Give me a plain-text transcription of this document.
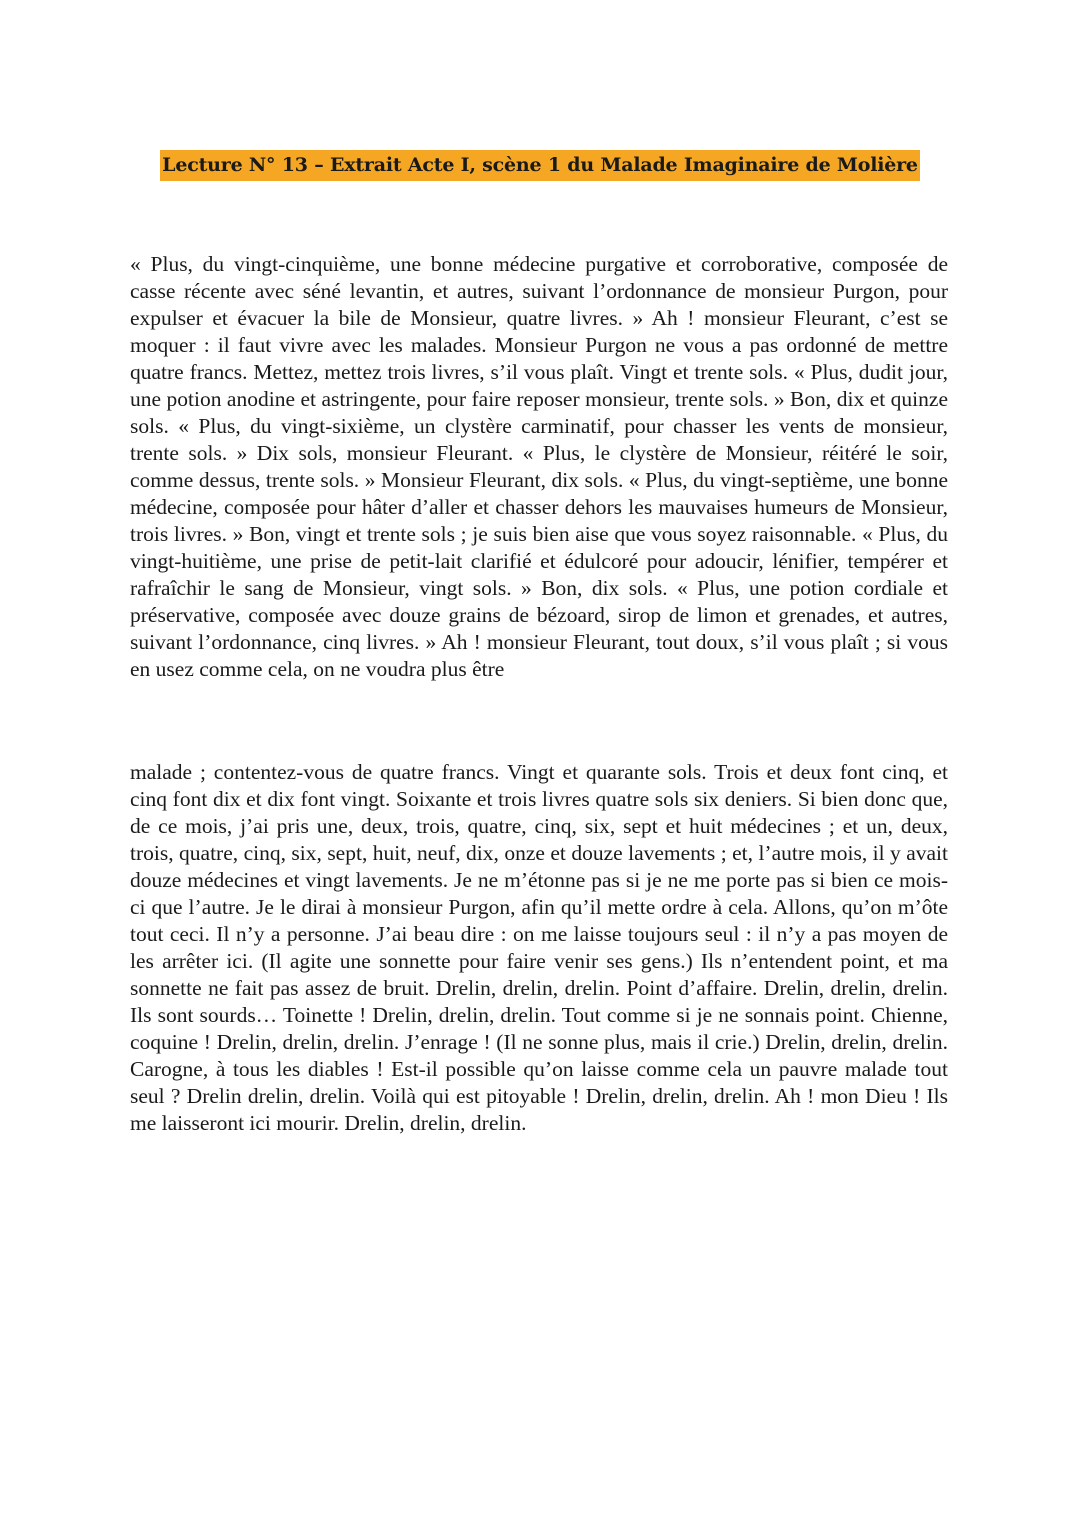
Lecture N° 13 – Extrait Acte I, scène 1 du Malade Imaginaire de Molière

« Plus, du vingt-cinquième, une bonne médecine purgative et corroborative, composée de casse récente avec séné levantin, et autres, suivant l’ordonnance de monsieur Purgon, pour expulser et évacuer la bile de Monsieur, quatre livres. » Ah ! monsieur Fleurant, c’est se moquer : il faut vivre avec les malades. Monsieur Purgon ne vous a pas ordonné de mettre quatre francs. Mettez, mettez trois livres, s’il vous plaît. Vingt et trente sols. « Plus, dudit jour, une potion anodine et astringente, pour faire reposer monsieur, trente sols. » Bon, dix et quinze sols. « Plus, du vingt-sixième, un clystère carminatif, pour chasser les vents de monsieur, trente sols. » Dix sols, monsieur Fleurant. « Plus, le clystère de Monsieur, réitéré le soir, comme dessus, trente sols. » Monsieur Fleurant, dix sols. « Plus, du vingt-septième, une bonne médecine, composée pour hâter d’aller et chasser dehors les mauvaises humeurs de Monsieur, trois livres. » Bon, vingt et trente sols ; je suis bien aise que vous soyez raisonnable. « Plus, du vingt-huitième, une prise de petit-lait clarifié et édulcoré pour adoucir, lénifier, tempérer et rafraîchir le sang de Monsieur, vingt sols. » Bon, dix sols. « Plus, une potion cordiale et préservative, composée avec douze grains de bézoard, sirop de limon et grenades, et autres, suivant l’ordonnance, cinq livres. » Ah ! monsieur Fleurant, tout doux, s’il vous plaît ; si vous en usez comme cela, on ne voudra plus être

malade ; contentez-vous de quatre francs. Vingt et quarante sols. Trois et deux font cinq, et cinq font dix et dix font vingt. Soixante et trois livres quatre sols six deniers. Si bien donc que, de ce mois, j’ai pris une, deux, trois, quatre, cinq, six, sept et huit médecines ; et un, deux, trois, quatre, cinq, six, sept, huit, neuf, dix, onze et douze lavements ; et, l’autre mois, il y avait douze médecines et vingt lavements. Je ne m’étonne pas si je ne me porte pas si bien ce mois-ci que l’autre. Je le dirai à monsieur Purgon, afin qu’il mette ordre à cela. Allons, qu’on m’ôte tout ceci. Il n’y a personne. J’ai beau dire : on me laisse toujours seul : il n’y a pas moyen de les arrêter ici. (Il agite une sonnette pour faire venir ses gens.) Ils n’entendent point, et ma sonnette ne fait pas assez de bruit. Drelin, drelin, drelin. Point d’affaire. Drelin, drelin, drelin. Ils sont sourds… Toinette ! Drelin, drelin, drelin. Tout comme si je ne sonnais point. Chienne, coquine ! Drelin, drelin, drelin. J’enrage ! (Il ne sonne plus, mais il crie.) Drelin, drelin, drelin. Carogne, à tous les diables ! Est-il possible qu’on laisse comme cela un pauvre malade tout seul ? Drelin drelin, drelin. Voilà qui est pitoyable ! Drelin, drelin, drelin. Ah ! mon Dieu ! Ils me laisseront ici mourir. Drelin, drelin, drelin.
